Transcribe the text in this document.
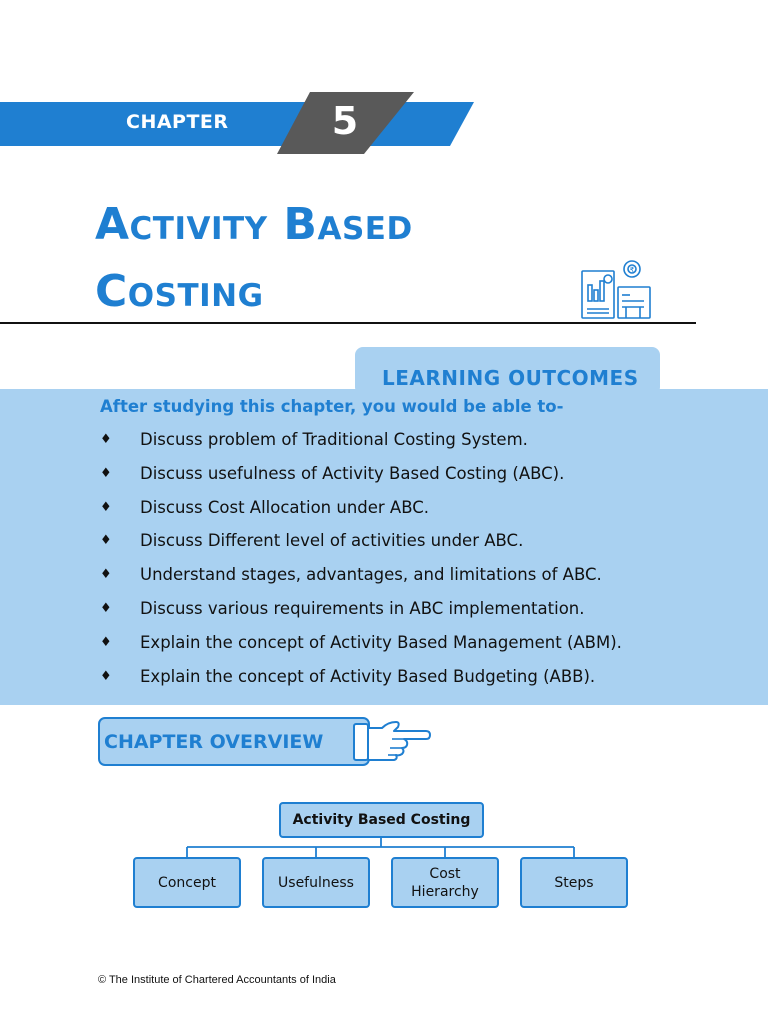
CHAPTER	5
Activity Based
Costing	₹
LEARNING OUTCOMES
After studying this chapter, you would be able to-
♦ Discuss problem of Traditional Costing System.
♦ Discuss usefulness of Activity Based Costing (ABC).
♦ Discuss Cost Allocation under ABC.
♦ Discuss Different level of activities under ABC.
♦ Understand stages, advantages, and limitations of ABC.
♦ Discuss various requirements in ABC implementation.
♦ Explain the concept of Activity Based Management (ABM).
♦ Explain the concept of Activity Based Budgeting (ABB).
CHAPTER OVERVIEW
Activity Based Costing
Concept	Usefulness
Cost
Hierarchy
Steps
© The Institute of Chartered Accountants of India
